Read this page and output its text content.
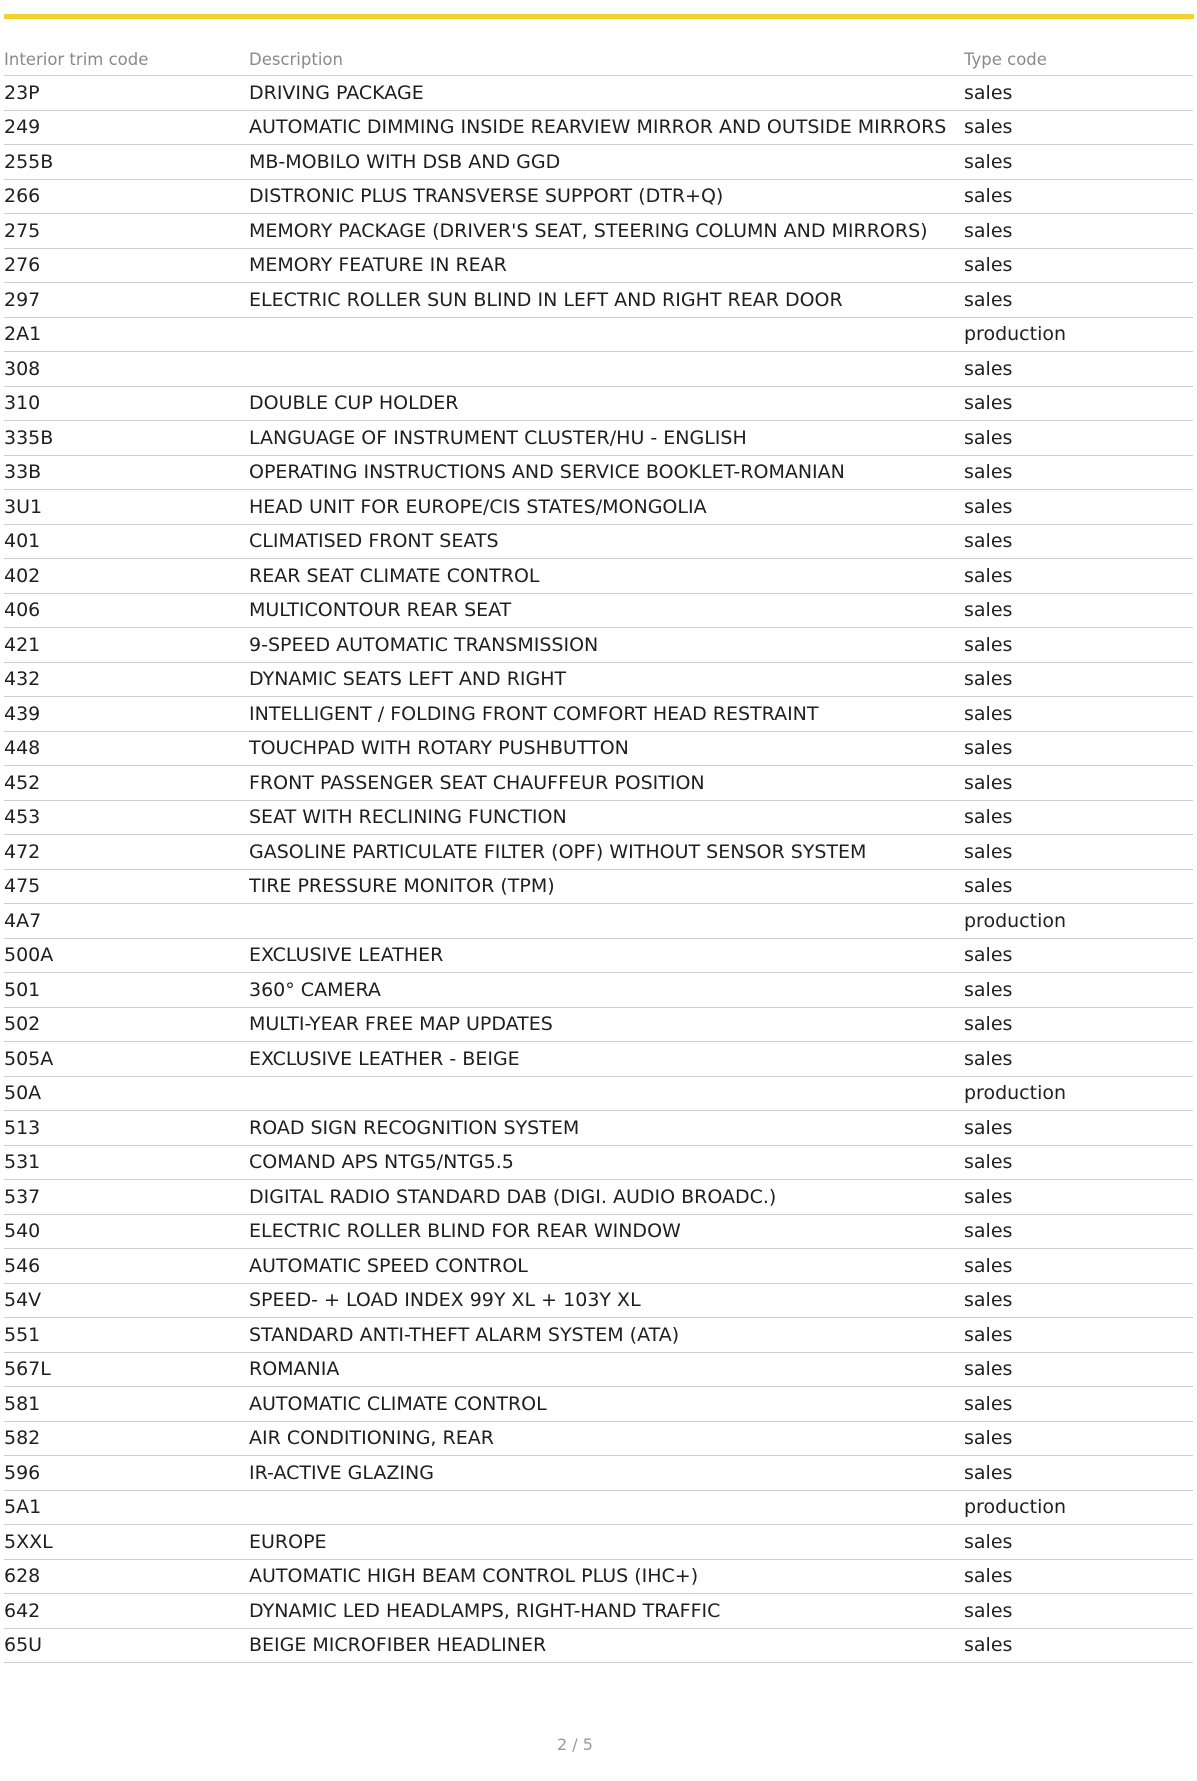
Interior trim code	Description	Type code
23P	DRIVING PACKAGE	sales
249	AUTOMATIC DIMMING INSIDE REARVIEW MIRROR AND OUTSIDE MIRRORS	sales
255B	MB-MOBILO WITH DSB AND GGD	sales
266	DISTRONIC PLUS TRANSVERSE SUPPORT (DTR+Q)	sales
275	MEMORY PACKAGE (DRIVER'S SEAT, STEERING COLUMN AND MIRRORS)	sales
276	MEMORY FEATURE IN REAR	sales
297	ELECTRIC ROLLER SUN BLIND IN LEFT AND RIGHT REAR DOOR	sales
2A1		production
308		sales
310	DOUBLE CUP HOLDER	sales
335B	LANGUAGE OF INSTRUMENT CLUSTER/HU - ENGLISH	sales
33B	OPERATING INSTRUCTIONS AND SERVICE BOOKLET-ROMANIAN	sales
3U1	HEAD UNIT FOR EUROPE/CIS STATES/MONGOLIA	sales
401	CLIMATISED FRONT SEATS	sales
402	REAR SEAT CLIMATE CONTROL	sales
406	MULTICONTOUR REAR SEAT	sales
421	9-SPEED AUTOMATIC TRANSMISSION	sales
432	DYNAMIC SEATS LEFT AND RIGHT	sales
439	INTELLIGENT / FOLDING FRONT COMFORT HEAD RESTRAINT	sales
448	TOUCHPAD WITH ROTARY PUSHBUTTON	sales
452	FRONT PASSENGER SEAT CHAUFFEUR POSITION	sales
453	SEAT WITH RECLINING FUNCTION	sales
472	GASOLINE PARTICULATE FILTER (OPF) WITHOUT SENSOR SYSTEM	sales
475	TIRE PRESSURE MONITOR (TPM)	sales
4A7		production
500A	EXCLUSIVE LEATHER	sales
501	360° CAMERA	sales
502	MULTI-YEAR FREE MAP UPDATES	sales
505A	EXCLUSIVE LEATHER - BEIGE	sales
50A		production
513	ROAD SIGN RECOGNITION SYSTEM	sales
531	COMAND APS NTG5/NTG5.5	sales
537	DIGITAL RADIO STANDARD DAB (DIGI. AUDIO BROADC.)	sales
540	ELECTRIC ROLLER BLIND FOR REAR WINDOW	sales
546	AUTOMATIC SPEED CONTROL	sales
54V	SPEED- + LOAD INDEX 99Y XL + 103Y XL	sales
551	STANDARD ANTI-THEFT ALARM SYSTEM (ATA)	sales
567L	ROMANIA	sales
581	AUTOMATIC CLIMATE CONTROL	sales
582	AIR CONDITIONING, REAR	sales
596	IR-ACTIVE GLAZING	sales
5A1		production
5XXL	EUROPE	sales
628	AUTOMATIC HIGH BEAM CONTROL PLUS (IHC+)	sales
642	DYNAMIC LED HEADLAMPS, RIGHT-HAND TRAFFIC	sales
65U	BEIGE MICROFIBER HEADLINER	sales
2 / 5
